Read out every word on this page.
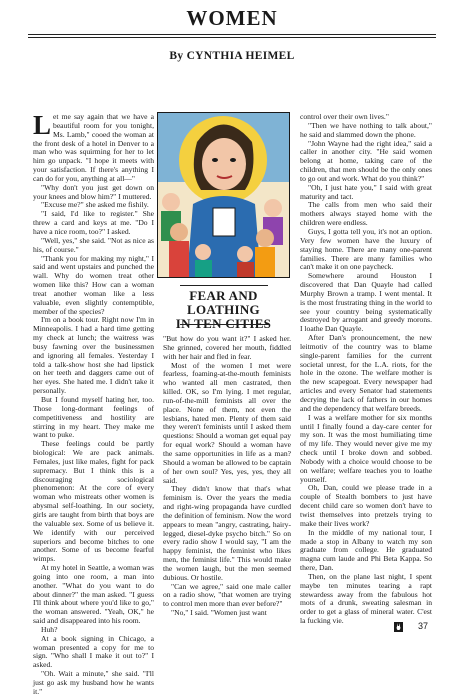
WOMEN
By CYNTHIA HEIMEL
L et me say again that we have a beautiful room for you tonight, Ms. Lamb," cooed the woman at the front desk of a hotel in Denver to a man who was squirming for her to let him go unpack. "I hope it meets with your satisfaction. If there's anything I can do for you, anything at all—"

"Why don't you just get down on your knees and blow him?" I muttered.

"Excuse me?" she asked me fishily.

"I said, I'd like to register." She threw a card and keys at me. "Do I have a nice room, too?" I asked.

"Well, yes," she said. "Not as nice as his, of course."

"Thank you for making my night," I said and went upstairs and punched the wall. Why do women treat other women like this? How can a woman treat another woman like a less valuable, even slightly contemptible, member of the species?

I'm on a book tour. Right now I'm in Minneapolis. I had a hard time getting my check at lunch; the waitress was busy fawning over the businessmen and ignoring all females. Yesterday I told a talk-show host she had lipstick on her teeth and daggers came out of her eyes. She hated me. I didn't take it personally.

But I found myself hating her, too. Those long-dormant feelings of competitiveness and hostility are stirring in my heart. They make me want to puke.

These feelings could be partly biological: We are pack animals. Females, just like males, fight for pack supremacy. But I think this is a discouraging sociological phenomenon: At the core of every woman who mistreats other women is abysmal self-loathing. In our society, girls are taught from birth that boys are the valuable sex. Some of us believe it. We identify with our perceived superiors and become bitches to one another. Some of us become fearful wimps.

At my hotel in Seattle, a woman was going into one room, a man into another. "What do you want to do about dinner?" the man asked. "I guess I'll think about where you'd like to go," the woman answered. "Yeah, OK," he said and disappeared into his room.

Huh?

At a book signing in Chicago, a woman presented a copy for me to sign. "Who shall I make it out to?" I asked.

"Oh. Wait a minute," she said. "I'll just go ask my husband how he wants it."

FEAR AND LOATHING
IN TEN CITIES

"But how do you want it?" I asked her. She grinned, covered her mouth, fiddled with her hair and fled in fear.

Most of the women I met were fearless, foaming-at-the-mouth feminists who wanted all men castrated, then killed. OK, so I'm lying. I met regular, run-of-the-mill feminists all over the place. None of them, not even the lesbians, hated men. Plenty of them said they weren't feminists until I asked them questions: Should a woman get equal pay for equal work? Should a woman have the same opportunities in life as a man? Should a woman be allowed to be captain of her own soul? Yes, yes, yes, they all said.

They didn't know that that's what feminism is. Over the years the media and right-wing propaganda have curdled the definition of feminism. Now the word appears to mean "angry, castrating, hairy-legged, diesel-dyke psycho bitch." So on every radio show I would say, "I am the happy feminist, the feminist who likes men, the feminist life." This would make the women laugh, but the men seemed dubious. Or hostile.

"Can we agree," said one male caller on a radio show, "that women are trying to control men more than ever before?"

"No," I said. "Women just want

control over their own lives."

"Then we have nothing to talk about," he said and slammed down the phone.

"John Wayne had the right idea," said a caller in another city. "He said women belong at home, taking care of the children, that men should be the only ones to go out and work. What do you think?"

"Oh, I just hate you," I said with great maturity and tact.

The calls from men who said their mothers always stayed home with the children were endless.

Guys, I gotta tell you, it's not an option. Very few women have the luxury of staying home. There are many one-parent families. There are many families who can't make it on one paycheck.

Somewhere around Houston I discovered that Dan Quayle had called Murphy Brown a tramp. I went mental. It is the most frustrating thing in the world to see your country being systematically destroyed by arrogant and greedy morons. I loathe Dan Quayle.

After Dan's pronouncement, the new leitmotiv of the country was to blame single-parent families for the current societal unrest, for the L.A. riots, for the hole in the ozone. The welfare mother is the new scapegoat. Every newspaper had articles and every Senator had statements decrying the lack of fathers in our homes and the dependency that welfare breeds.

I was a welfare mother for six months until I finally found a day-care center for my son. It was the most humiliating time of my life. They would never give me my check until I broke down and sobbed. Nobody with a choice would choose to be on welfare; welfare teaches you to loathe yourself.

Oh, Dan, could we please trade in a couple of Stealth bombers to just have decent child care so women don't have to twist themselves into pretzels trying to make their lives work?

In the middle of my national tour, I made a stop in Albany to watch my son graduate from college. He graduated magna cum laude and Phi Beta Kappa. So there, Dan.

Then, on the plane last night, I spent maybe ten minutes tearing a rapt stewardess away from the fabulous hot mots of a drunk, sweating salesman in order to get a glass of mineral water. C'est la fucking vie.

37
